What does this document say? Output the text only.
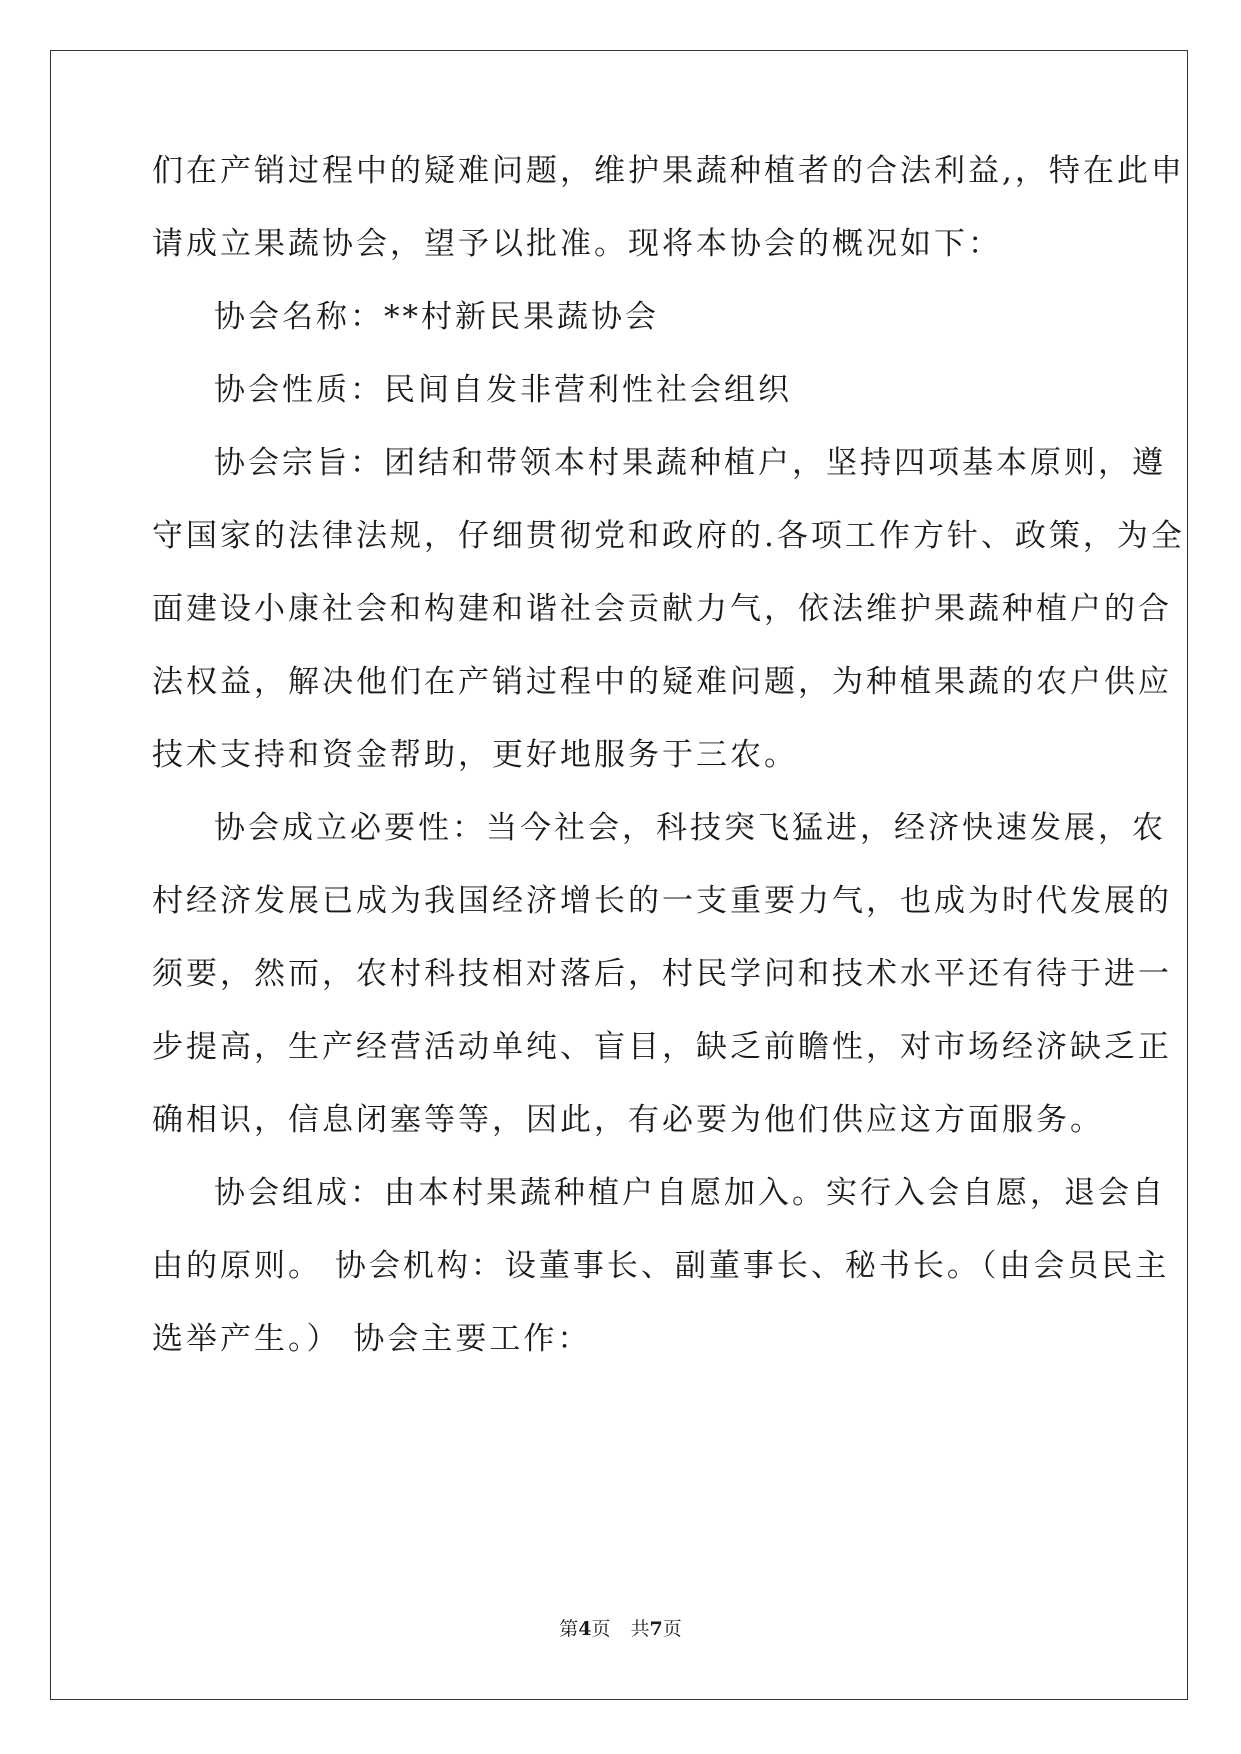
们在产销过程中的疑难问题，维护果蔬种植者的合法利益,，特在此申
请成立果蔬协会，望予以批准。现将本协会的概况如下：
协会名称：**村新民果蔬协会
协会性质：民间自发非营利性社会组织
协会宗旨：团结和带领本村果蔬种植户，坚持四项基本原则，遵
守国家的法律法规，仔细贯彻党和政府的.各项工作方针、政策，为全
面建设小康社会和构建和谐社会贡献力气，依法维护果蔬种植户的合
法权益，解决他们在产销过程中的疑难问题，为种植果蔬的农户供应
技术支持和资金帮助，更好地服务于三农。
协会成立必要性：当今社会，科技突飞猛进，经济快速发展，农
村经济发展已成为我国经济增长的一支重要力气，也成为时代发展的
须要，然而，农村科技相对落后，村民学问和技术水平还有待于进一
步提高，生产经营活动单纯、盲目，缺乏前瞻性，对市场经济缺乏正
确相识，信息闭塞等等，因此，有必要为他们供应这方面服务。
协会组成：由本村果蔬种植户自愿加入。实行入会自愿，退会自
由的原则。 协会机构：设董事长、副董事长、秘书长。（由会员民主
选举产生。） 协会主要工作：
第4页 共7页
